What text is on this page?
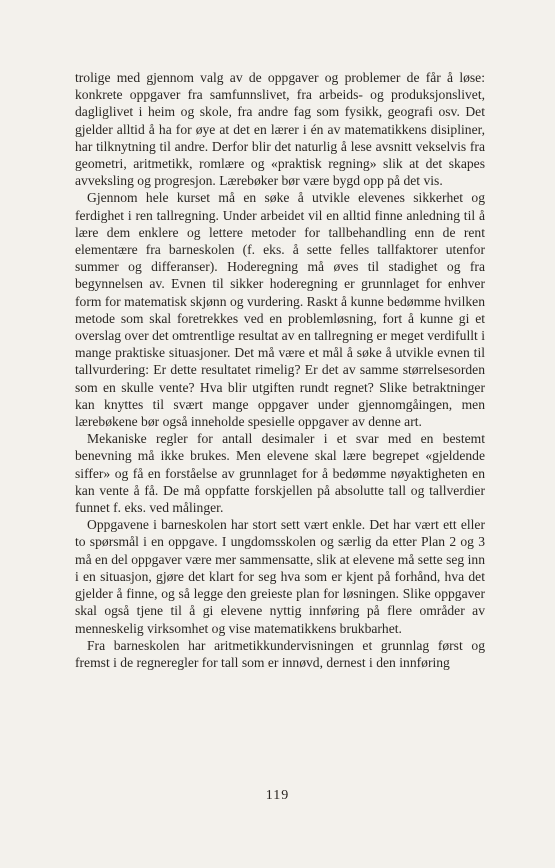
trolige med gjennom valg av de oppgaver og problemer de får å løse: konkrete oppgaver fra samfunnslivet, fra arbeids- og produksjonslivet, dagliglivet i heim og skole, fra andre fag som fysikk, geografi osv. Det gjelder alltid å ha for øye at det en lærer i én av matematikkens disipliner, har tilknytning til andre. Derfor blir det naturlig å lese avsnitt vekselvis fra geometri, aritmetikk, romlære og «praktisk regning» slik at det skapes avveksling og progresjon. Lærebøker bør være bygd opp på det vis.

Gjennom hele kurset må en søke å utvikle elevenes sikkerhet og ferdighet i ren tallregning. Under arbeidet vil en alltid finne anledning til å lære dem enklere og lettere metoder for tallbehandling enn de rent elementære fra barneskolen (f. eks. å sette felles tallfaktorer utenfor summer og differanser). Hoderegning må øves til stadighet og fra begynnelsen av. Evnen til sikker hoderegning er grunnlaget for enhver form for matematisk skjønn og vurdering. Raskt å kunne bedømme hvilken metode som skal foretrekkes ved en problemløsning, fort å kunne gi et overslag over det omtrentlige resultat av en tallregning er meget verdifullt i mange praktiske situasjoner. Det må være et mål å søke å utvikle evnen til tallvurdering: Er dette resultatet rimelig? Er det av samme størrelsesorden som en skulle vente? Hva blir utgiften rundt regnet? Slike betraktninger kan knyttes til svært mange oppgaver under gjennomgåingen, men lærebøkene bør også inneholde spesielle oppgaver av denne art.

Mekaniske regler for antall desimaler i et svar med en bestemt benevning må ikke brukes. Men elevene skal lære begrepet «gjeldende siffer» og få en forståelse av grunnlaget for å bedømme nøyaktigheten en kan vente å få. De må oppfatte forskjellen på absolutte tall og tallverdier funnet f. eks. ved målinger.

Oppgavene i barneskolen har stort sett vært enkle. Det har vært ett eller to spørsmål i en oppgave. I ungdomsskolen og særlig da etter Plan 2 og 3 må en del oppgaver være mer sammensatte, slik at elevene må sette seg inn i en situasjon, gjøre det klart for seg hva som er kjent på forhånd, hva det gjelder å finne, og så legge den greieste plan for løsningen. Slike oppgaver skal også tjene til å gi elevene nyttig innføring på flere områder av menneskelig virksomhet og vise matematikkens brukbarhet.

Fra barneskolen har aritmetikkundervisningen et grunnlag først og fremst i de regneregler for tall som er innøvd, dernest i den innføring

119
